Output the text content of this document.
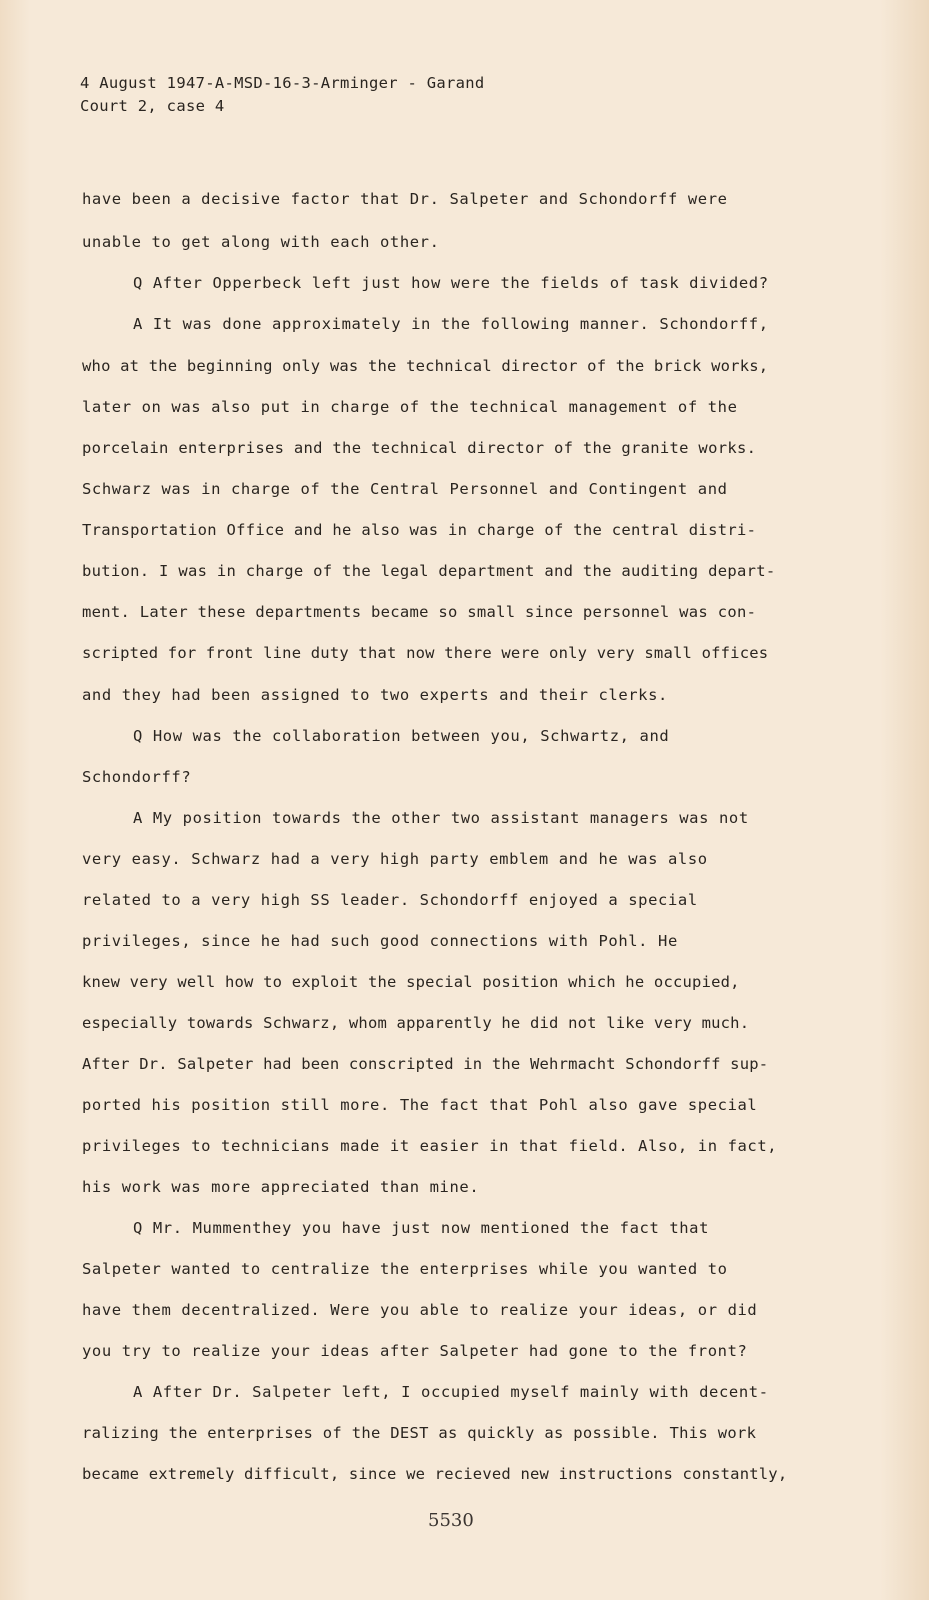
4 August 1947-A-MSD-16-3-Arminger - Garand
Court 2, case 4
have been a decisive factor that Dr. Salpeter and Schondorff were
unable to get along with each other.
Q After Opperbeck left just how were the fields of task divided?
A It was done approximately in the following manner. Schondorff,
who at the beginning only was the technical director of the brick works,
later on was also put in charge of the technical management of the
porcelain enterprises and the technical director of the granite works.
Schwarz was in charge of the Central Personnel and Contingent and
Transportation Office and he also was in charge of the central distri-
bution. I was in charge of the legal department and the auditing depart-
ment. Later these departments became so small since personnel was con-
scripted for front line duty that now there were only very small offices
and they had been assigned to two experts and their clerks.
Q How was the collaboration between you, Schwartz, and
Schondorff?
A My position towards the other two assistant managers was not
very easy. Schwarz had a very high party emblem and he was also
related to a very high SS leader. Schondorff enjoyed a special
privileges, since he had such good connections with Pohl. He
knew very well how to exploit the special position which he occupied,
especially towards Schwarz, whom apparently he did not like very much.
After Dr. Salpeter had been conscripted in the Wehrmacht Schondorff sup-
ported his position still more. The fact that Pohl also gave special
privileges to technicians made it easier in that field. Also, in fact,
his work was more appreciated than mine.
Q Mr. Mummenthey you have just now mentioned the fact that
Salpeter wanted to centralize the enterprises while you wanted to
have them decentralized. Were you able to realize your ideas, or did
you try to realize your ideas after Salpeter had gone to the front?
A After Dr. Salpeter left, I occupied myself mainly with decent-
ralizing the enterprises of the DEST as quickly as possible. This work
became extremely difficult, since we recieved new instructions constantly,
5530
